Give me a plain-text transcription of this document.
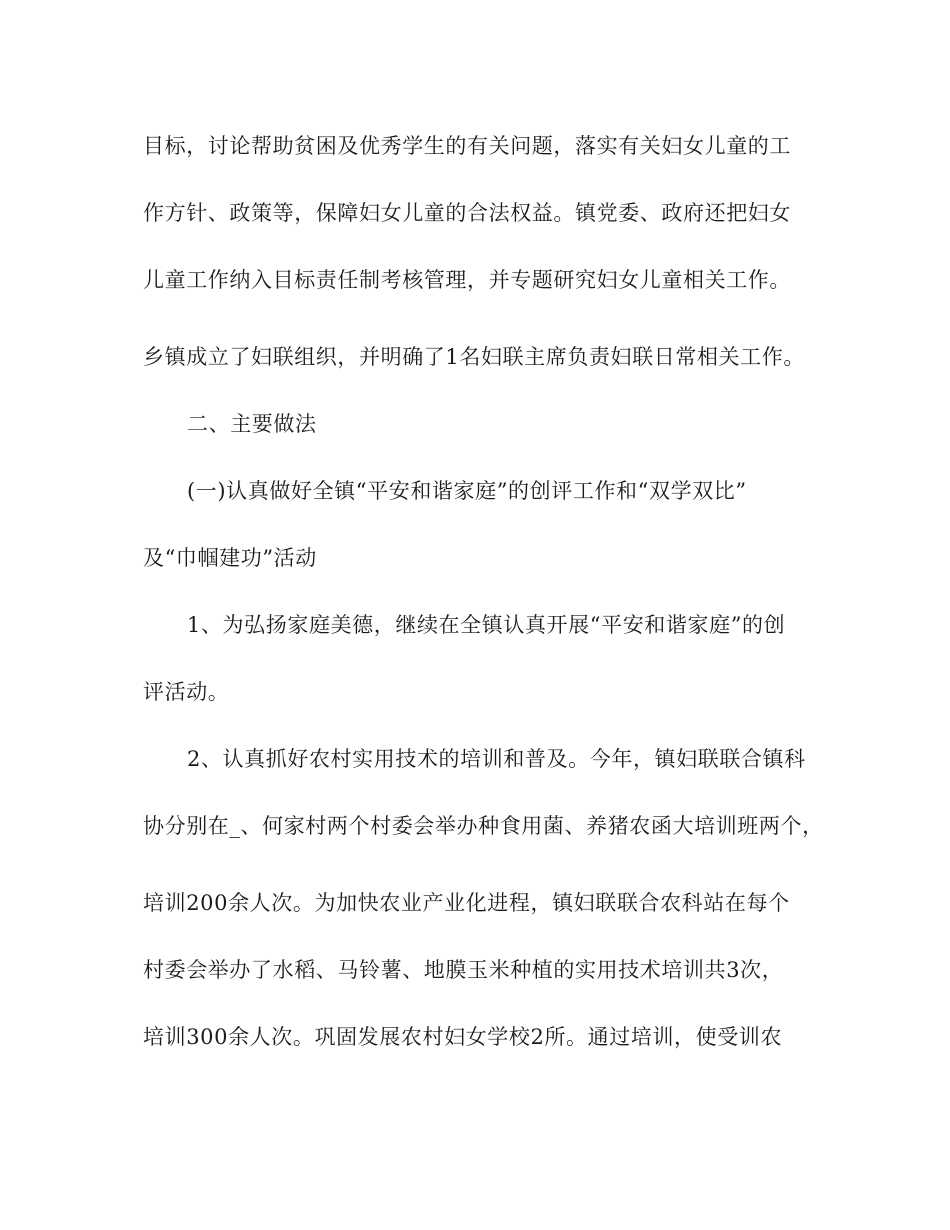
目标，讨论帮助贫困及优秀学生的有关问题，落实有关妇女儿童的工

作方针、政策等，保障妇女儿童的合法权益。镇党委、政府还把妇女

儿童工作纳入目标责任制考核管理，并专题研究妇女儿童相关工作。

乡镇成立了妇联组织，并明确了1名妇联主席负责妇联日常相关工作。

二、主要做法

(一)认真做好全镇“平安和谐家庭”的创评工作和“双学双比”

及“巾帼建功”活动

1、为弘扬家庭美德，继续在全镇认真开展“平安和谐家庭”的创

评活动。

2、认真抓好农村实用技术的培训和普及。今年，镇妇联联合镇科

协分别在_、何家村两个村委会举办种食用菌、养猪农函大培训班两个，

培训200余人次。为加快农业产业化进程，镇妇联联合农科站在每个

村委会举办了水稻、马铃薯、地膜玉米种植的实用技术培训共3次，

培训300余人次。巩固发展农村妇女学校2所。通过培训，使受训农
